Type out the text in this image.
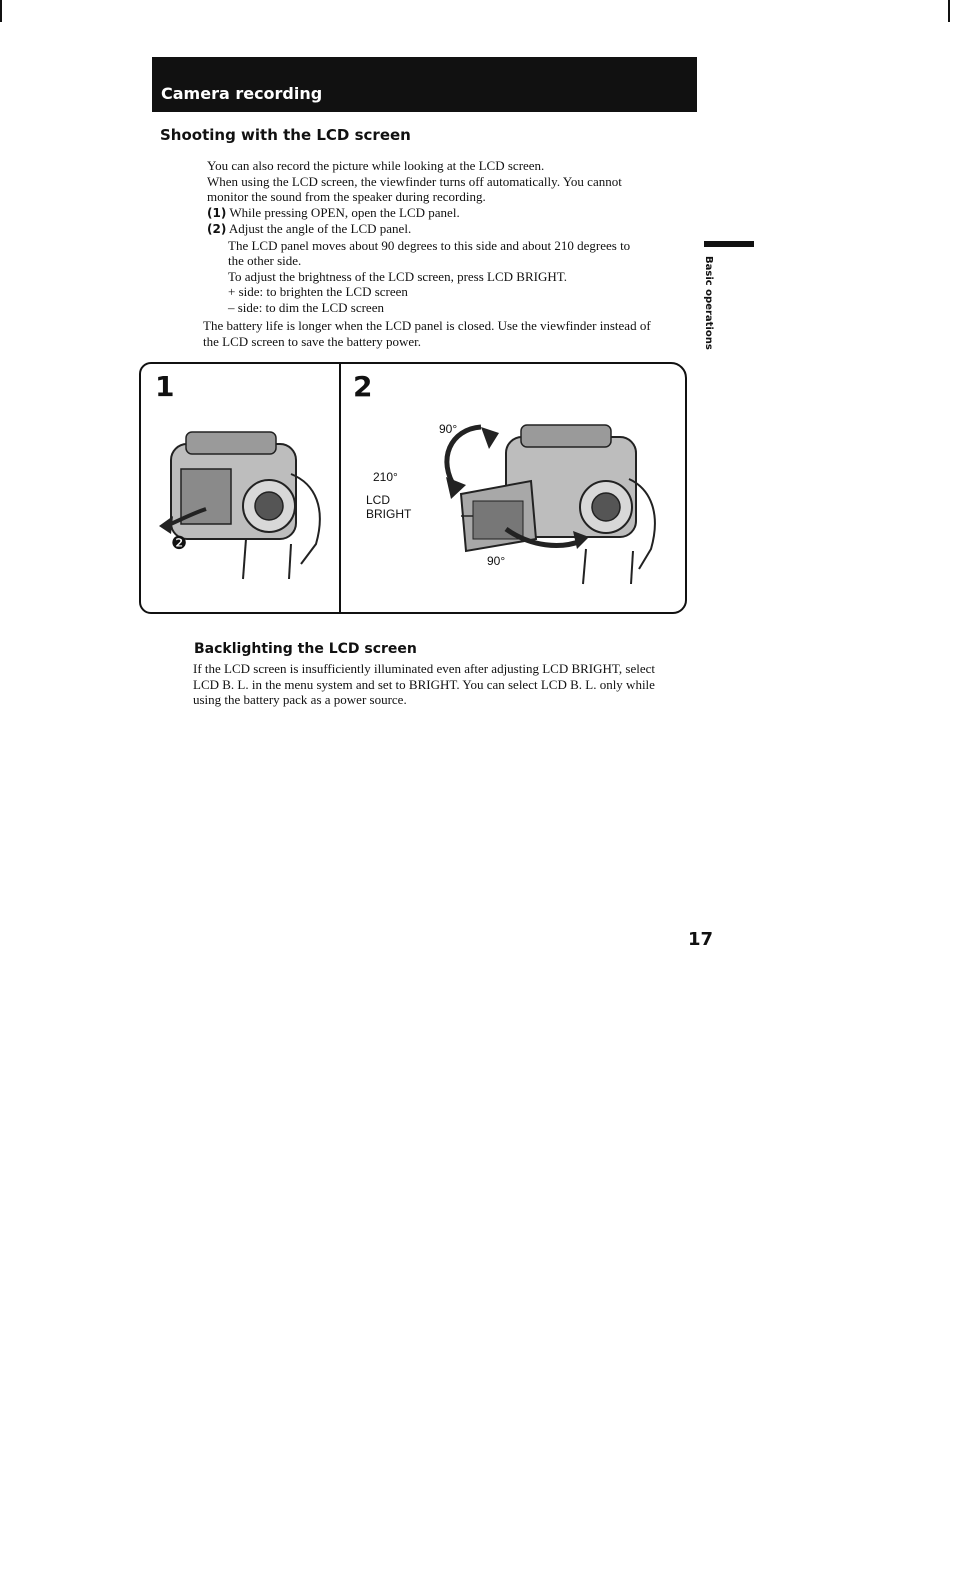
Camera recording
Shooting with the LCD screen

You can also record the picture while looking at the LCD screen.

When using the LCD screen, the viewfinder turns off automatically. You cannot

monitor the sound from the speaker during recording.

(1) While pressing OPEN, open the LCD panel.

(2) Adjust the angle of the LCD panel.

The LCD panel moves about 90 degrees to this side and about 210 degrees to

the other side.

To adjust the brightness of the LCD screen, press LCD BRIGHT.

+ side: to brighten the LCD screen

– side: to dim the LCD screen

The battery life is longer when the LCD panel is closed. Use the viewfinder instead of

the LCD screen to save the battery power.	Basic operations
1	2
❷
90°
210°
LCD
BRIGHT
90°
Backlighting the LCD screen

If the LCD screen is insufficiently illuminated even after adjusting LCD BRIGHT, select

LCD B. L. in the menu system and set to BRIGHT. You can select LCD B. L. only while

using the battery pack as a power source.

17
